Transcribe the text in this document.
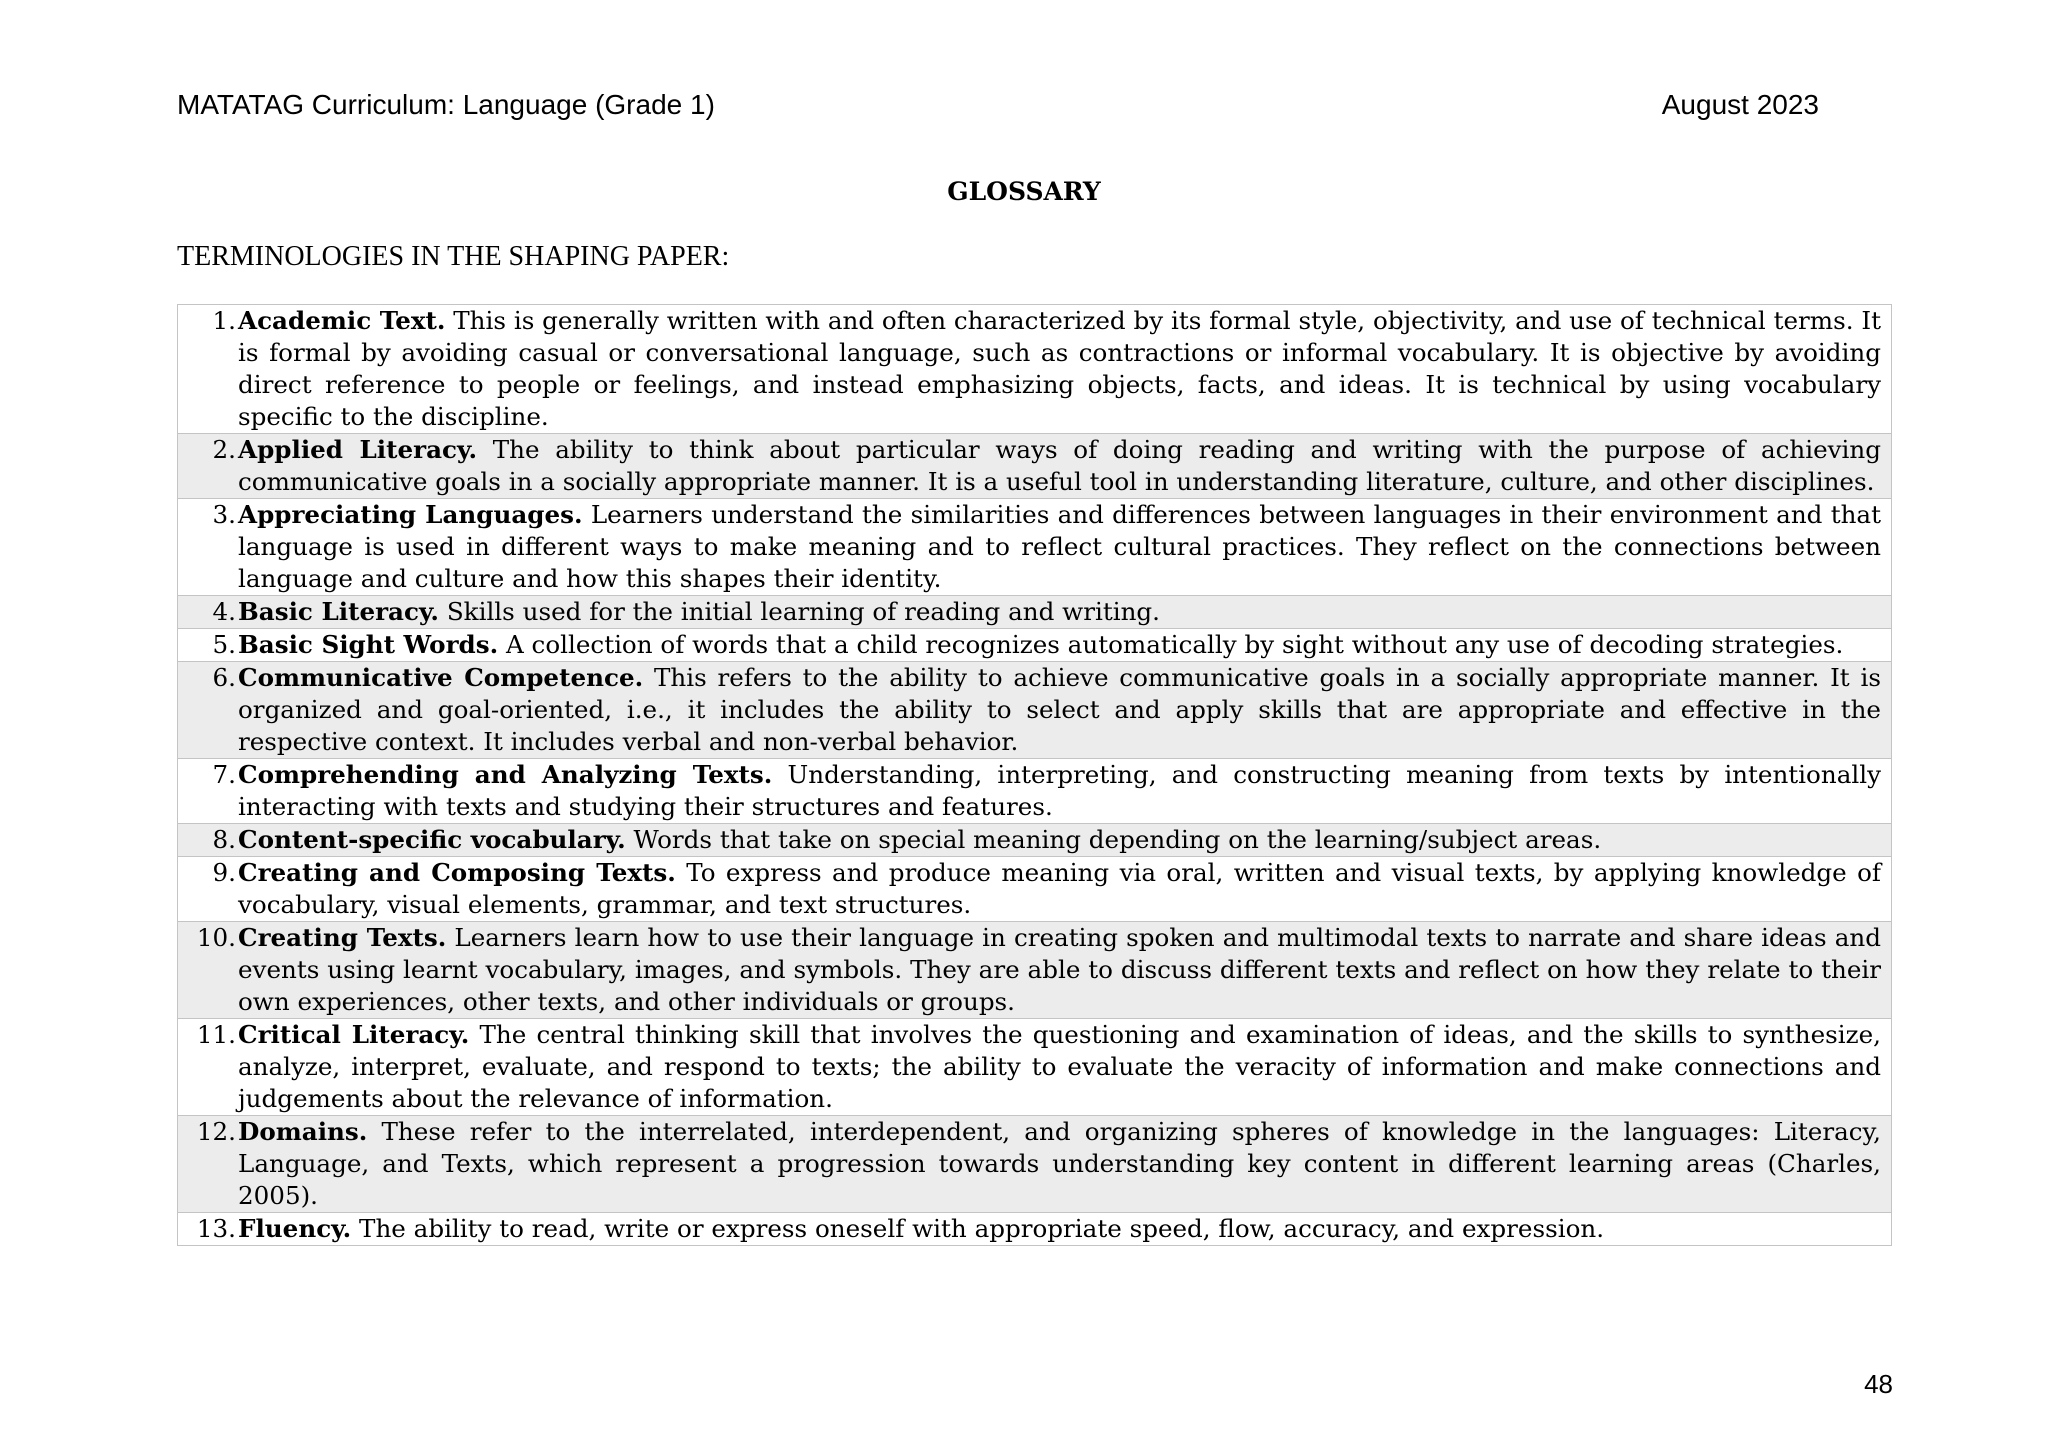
MATATAG Curriculum: Language (Grade 1)	August 2023
GLOSSARY
TERMINOLOGIES IN THE SHAPING PAPER:
1.	Academic Text. This is generally written with and often characterized by its formal style, objectivity, and use of technical terms. It is formal by avoiding casual or conversational language, such as contractions or informal vocabulary. It is objective by avoiding direct reference to people or feelings, and instead emphasizing objects, facts, and ideas. It is technical by using vocabulary specific to the discipline.
2.	Applied Literacy. The ability to think about particular ways of doing reading and writing with the purpose of achieving communicative goals in a socially appropriate manner. It is a useful tool in understanding literature, culture, and other disciplines.
3.	Appreciating Languages. Learners understand the similarities and differences between languages in their environment and that language is used in different ways to make meaning and to reflect cultural practices. They reflect on the connections between language and culture and how this shapes their identity.
4.	Basic Literacy. Skills used for the initial learning of reading and writing.
5.	Basic Sight Words. A collection of words that a child recognizes automatically by sight without any use of decoding strategies.
6.	Communicative Competence. This refers to the ability to achieve communicative goals in a socially appropriate manner. It is organized and goal-oriented, i.e., it includes the ability to select and apply skills that are appropriate and effective in the respective context. It includes verbal and non-verbal behavior.
7.	Comprehending and Analyzing Texts. Understanding, interpreting, and constructing meaning from texts by intentionally interacting with texts and studying their structures and features.
8.	Content-specific vocabulary. Words that take on special meaning depending on the learning/subject areas.
9.	Creating and Composing Texts. To express and produce meaning via oral, written and visual texts, by applying knowledge of vocabulary, visual elements, grammar, and text structures.
10.	Creating Texts. Learners learn how to use their language in creating spoken and multimodal texts to narrate and share ideas and events using learnt vocabulary, images, and symbols. They are able to discuss different texts and reflect on how they relate to their own experiences, other texts, and other individuals or groups.
11.	Critical Literacy. The central thinking skill that involves the questioning and examination of ideas, and the skills to synthesize, analyze, interpret, evaluate, and respond to texts; the ability to evaluate the veracity of information and make connections and judgements about the relevance of information.
12.	Domains. These refer to the interrelated, interdependent, and organizing spheres of knowledge in the languages: Literacy, Language, and Texts, which represent a progression towards understanding key content in different learning areas (Charles, 2005).
13.	Fluency. The ability to read, write or express oneself with appropriate speed, flow, accuracy, and expression.
48
